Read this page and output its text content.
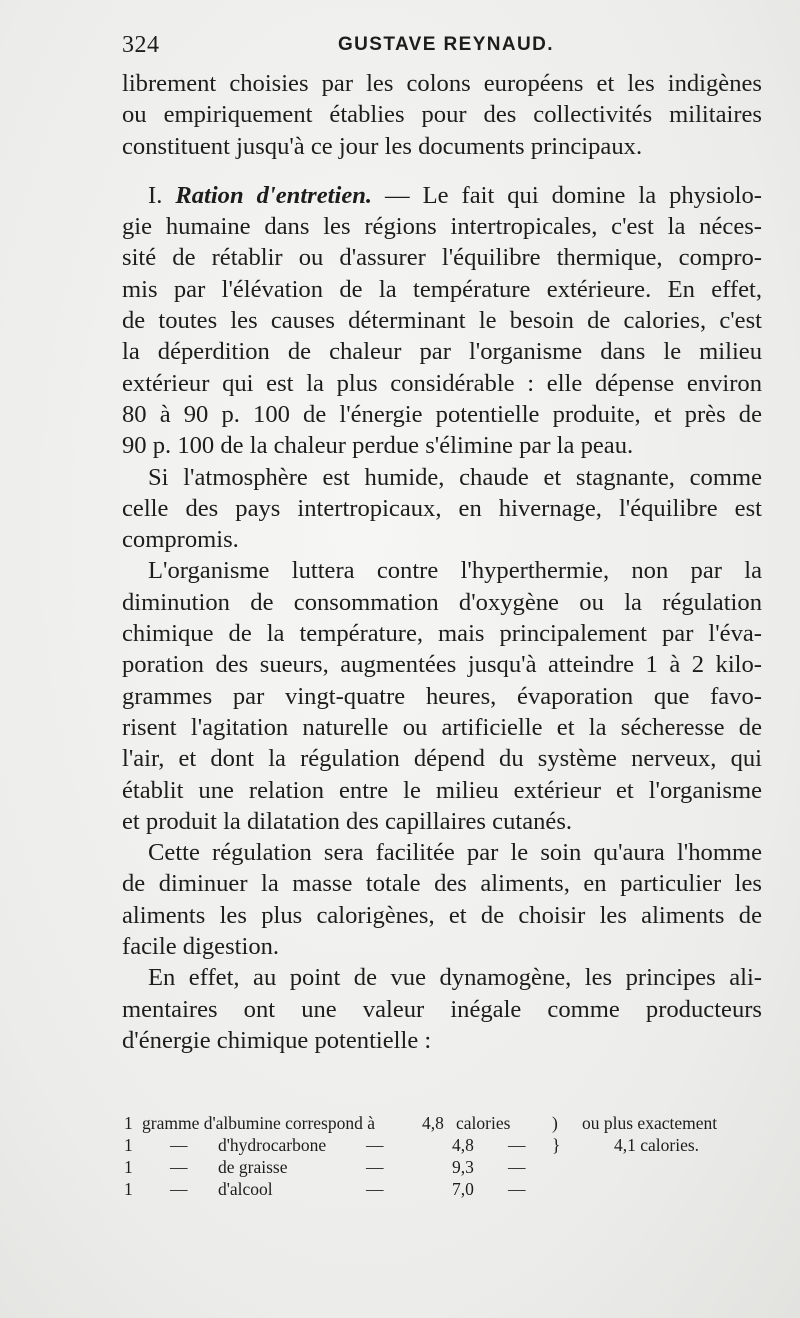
324	GUSTAVE REYNAUD.
librement choisies par les colons européens et les indigènes
ou empiriquement établies pour des collectivités militaires
constituent jusqu'à ce jour les documents principaux.
I. Ration d'entretien. — Le fait qui domine la physiolo-
gie humaine dans les régions intertropicales, c'est la néces-
sité de rétablir ou d'assurer l'équilibre thermique, compro-
mis par l'élévation de la température extérieure. En effet,
de toutes les causes déterminant le besoin de calories, c'est
la déperdition de chaleur par l'organisme dans le milieu
extérieur qui est la plus considérable : elle dépense environ
80 à 90 p. 100 de l'énergie potentielle produite, et près de
90 p. 100 de la chaleur perdue s'élimine par la peau.
Si l'atmosphère est humide, chaude et stagnante, comme
celle des pays intertropicaux, en hivernage, l'équilibre est
compromis.
L'organisme luttera contre l'hyperthermie, non par la
diminution de consommation d'oxygène ou la régulation
chimique de la température, mais principalement par l'éva-
poration des sueurs, augmentées jusqu'à atteindre 1 à 2 kilo-
grammes par vingt-quatre heures, évaporation que favo-
risent l'agitation naturelle ou artificielle et la sécheresse de
l'air, et dont la régulation dépend du système nerveux, qui
établit une relation entre le milieu extérieur et l'organisme
et produit la dilatation des capillaires cutanés.
Cette régulation sera facilitée par le soin qu'aura l'homme
de diminuer la masse totale des aliments, en particulier les
aliments les plus calorigènes, et de choisir les aliments de
facile digestion.
En effet, au point de vue dynamogène, les principes ali-
mentaires ont une valeur inégale comme producteurs
d'énergie chimique potentielle :
1 gramme d'albumine correspond à	4,8 calories ) ou plus exactement
1 — d'hydrocarbone —	4,8 — }	4,1 calories.
1 — de graisse	—	9,3 —
1 — d'alcool	—	7,0 —
